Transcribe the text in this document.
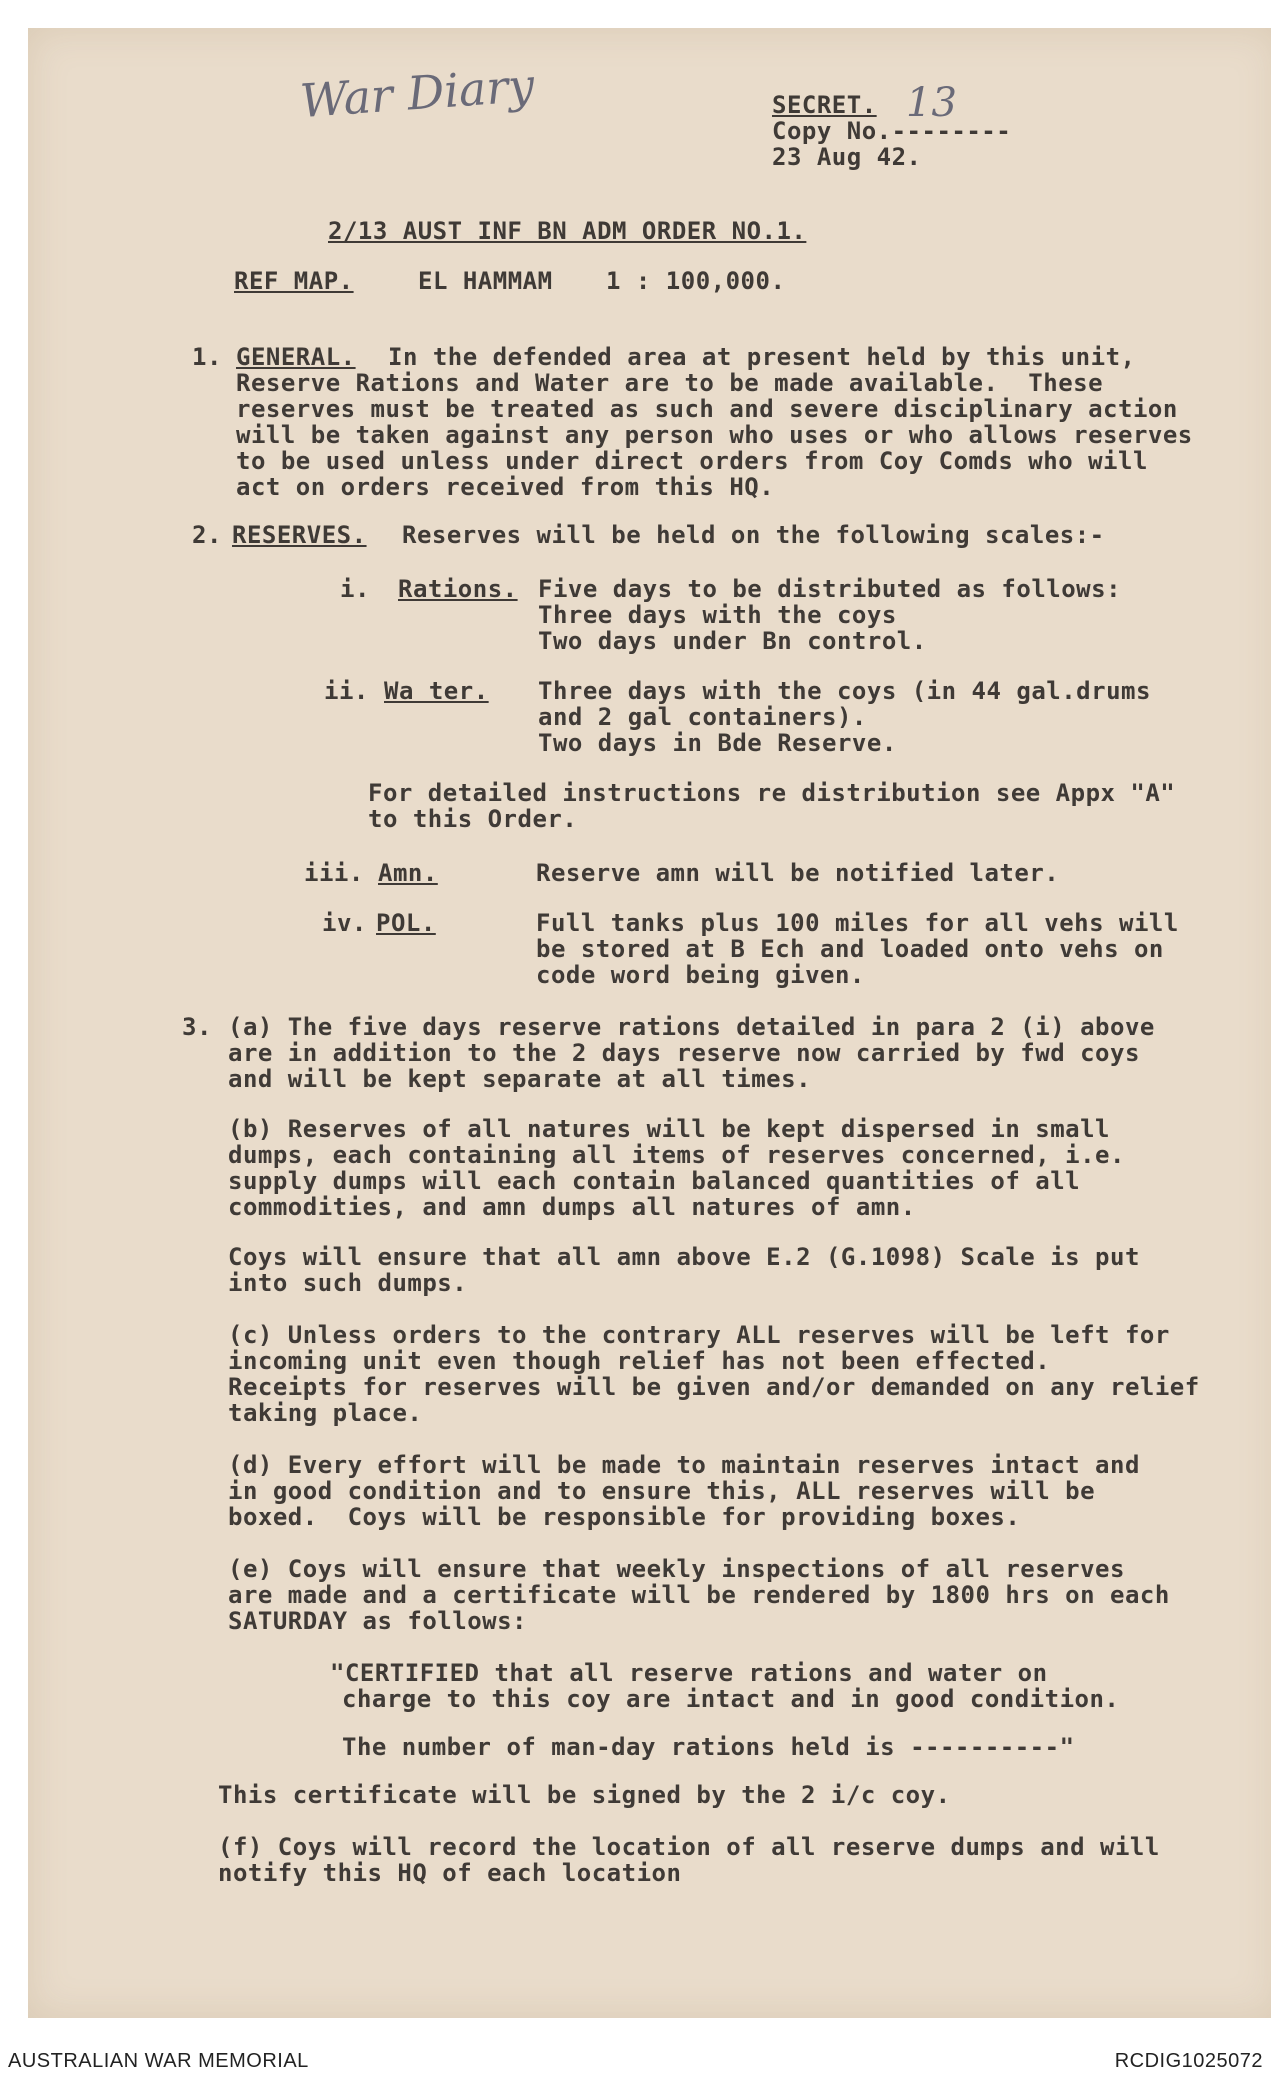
War Diary	SECRET. 13
Copy No.--------
23 Aug 42.
2/13 AUST INF BN ADM ORDER NO.1.
REF MAP.	EL HAMMAM 1 : 100,000.
1. GENERAL. In the defended area at present held by this unit,
Reserve Rations and Water are to be made available.  These
reserves must be treated as such and severe disciplinary action
will be taken against any person who uses or who allows reserves
to be used unless under direct orders from Coy Comds who will
act on orders received from this HQ.
2. RESERVES. Reserves will be held on the following scales:-
i. Rations. Five days to be distributed as follows:
Three days with the coys
Two days under Bn control.
ii. Wa ter. Three days with the coys (in 44 gal.drums
and 2 gal containers).
Two days in Bde Reserve.
For detailed instructions re distribution see Appx "A"
to this Order.
iii. Amn.	Reserve amn will be notified later.
iv. POL.	Full tanks plus 100 miles for all vehs will
be stored at B Ech and loaded onto vehs on
code word being given.
3. (a) The five days reserve rations detailed in para 2 (i) above
are in addition to the 2 days reserve now carried by fwd coys
and will be kept separate at all times.
(b) Reserves of all natures will be kept dispersed in small
dumps, each containing all items of reserves concerned, i.e.
supply dumps will each contain balanced quantities of all
commodities, and amn dumps all natures of amn.
Coys will ensure that all amn above E.2 (G.1098) Scale is put
into such dumps.
(c) Unless orders to the contrary ALL reserves will be left for
incoming unit even though relief has not been effected.
Receipts for reserves will be given and/or demanded on any relief
taking place.
(d) Every effort will be made to maintain reserves intact and
in good condition and to ensure this, ALL reserves will be
boxed.  Coys will be responsible for providing boxes.
(e) Coys will ensure that weekly inspections of all reserves
are made and a certificate will be rendered by 1800 hrs on each
SATURDAY as follows:
"CERTIFIED that all reserve rations and water on
charge to this coy are intact and in good condition.
The number of man-day rations held is ----------"
This certificate will be signed by the 2 i/c coy.
(f) Coys will record the location of all reserve dumps and will
notify this HQ of each location
AUSTRALIAN WAR MEMORIAL	RCDIG1025072
